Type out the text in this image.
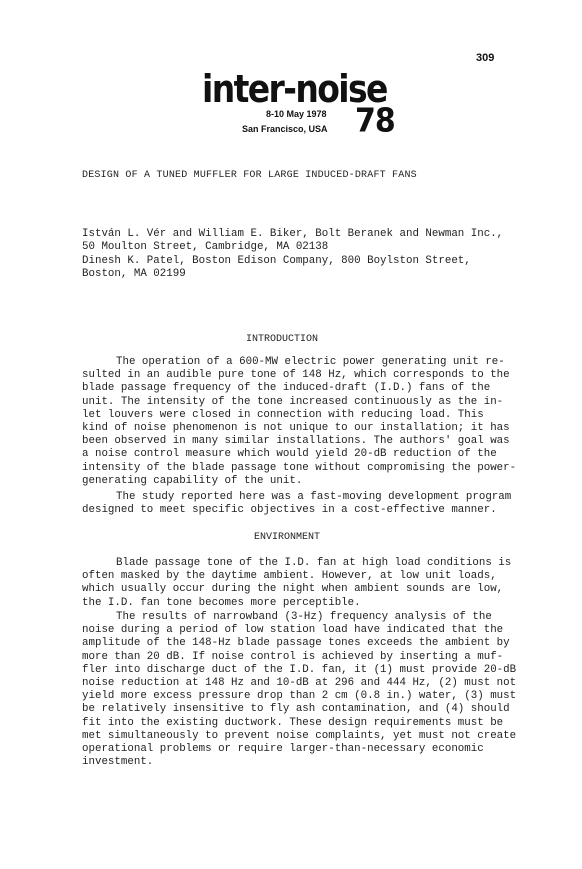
309
inter-noise
8-10 May 1978
San Francisco, USA 78
DESIGN OF A TUNED MUFFLER FOR LARGE INDUCED-DRAFT FANS
István L. Vér and William E. Biker, Bolt Beranek and Newman Inc.,
50 Moulton Street, Cambridge, MA 02138
Dinesh K. Patel, Boston Edison Company, 800 Boylston Street,
Boston, MA 02199
INTRODUCTION
The operation of a 600-MW electric power generating unit re-
sulted in an audible pure tone of 148 Hz, which corresponds to the
blade passage frequency of the induced-draft (I.D.) fans of the
unit. The intensity of the tone increased continuously as the in-
let louvers were closed in connection with reducing load. This
kind of noise phenomenon is not unique to our installation; it has
been observed in many similar installations. The authors' goal was
a noise control measure which would yield 20-dB reduction of the
intensity of the blade passage tone without compromising the power-
generating capability of the unit.
The study reported here was a fast-moving development program
designed to meet specific objectives in a cost-effective manner.
ENVIRONMENT
Blade passage tone of the I.D. fan at high load conditions is
often masked by the daytime ambient. However, at low unit loads,
which usually occur during the night when ambient sounds are low,
the I.D. fan tone becomes more perceptible.
The results of narrowband (3-Hz) frequency analysis of the
noise during a period of low station load have indicated that the
amplitude of the 148-Hz blade passage tones exceeds the ambient by
more than 20 dB. If noise control is achieved by inserting a muf-
fler into discharge duct of the I.D. fan, it (1) must provide 20-dB
noise reduction at 148 Hz and 10-dB at 296 and 444 Hz, (2) must not
yield more excess pressure drop than 2 cm (0.8 in.) water, (3) must
be relatively insensitive to fly ash contamination, and (4) should
fit into the existing ductwork. These design requirements must be
met simultaneously to prevent noise complaints, yet must not create
operational problems or require larger-than-necessary economic
investment.
